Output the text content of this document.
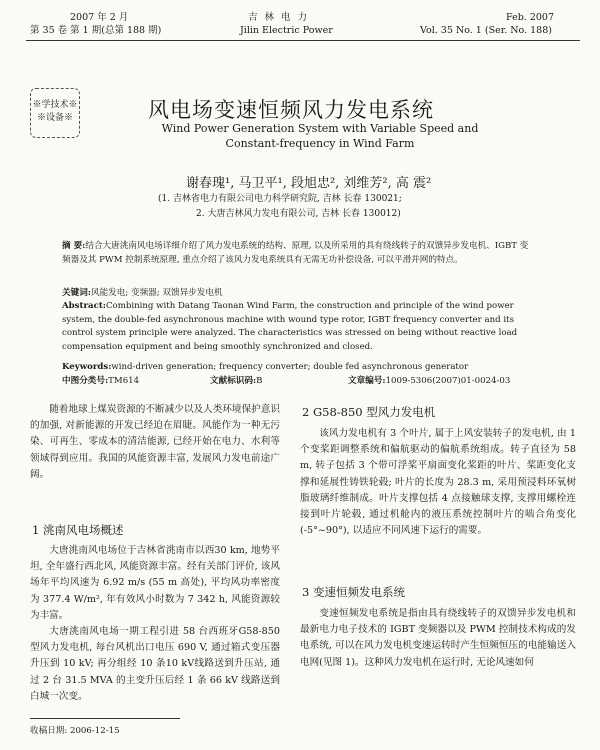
2007 年 2 月
第 35 卷 第 1 期(总第 188 期)
吉 林 电 力
Jilin Electric Power
Feb. 2007
Vol. 35 No. 1 (Ser. No. 188)
※学技术※
※设备※	风电场变速恒频风力发电系统
Wind Power Generation System with Variable Speed and
Constant-frequency in Wind Farm
谢春瑰¹, 马卫平¹, 段旭忠², 刘维芳², 高 震²
(1. 吉林省电力有限公司电力科学研究院, 吉林 长春 130021;
2. 大唐吉林风力发电有限公司, 吉林 长春 130012)
摘 要:结合大唐洮南风电场详细介绍了风力发电系统的结构、原理, 以及所采用的具有绕线转子的双馈异步发电机、IGBT 变频器及其 PWM 控制系统原理, 重点介绍了该风力发电系统具有无需无功补偿设备, 可以平滑并网的特点。
关键词:风能发电; 变频器; 双馈异步发电机
Abstract:Combining with Datang Taonan Wind Farm, the construction and principle of the wind power system, the double-fed asynchronous machine with wound type rotor, IGBT frequency converter and its control system principle were analyzed. The characteristics was stressed on being without reactive load compensation equipment and being smoothly synchronized and closed.
Keywords:wind-driven generation; frequency converter; double fed asynchronous generator
中图分类号:TM614	文献标识码:B	文章编号:1009-5306(2007)01-0024-03

随着地球上煤炭资源的不断减少以及人类环境保护意识的加强, 对新能源的开发已经迫在眉睫。风能作为一种无污染、可再生、零成本的清洁能源, 已经开始在电力、水利等领域得到应用。我国的风能资源丰富, 发展风力发电前途广阔。

1 洮南风电场概述

大唐洮南风电场位于吉林省洮南市以西30 km, 地势平坦, 全年盛行西北风, 风能资源丰富。经有关部门评价, 该风场年平均风速为 6.92 m/s (55 m 高处), 平均风功率密度为 377.4 W/m², 年有效风小时数为 7 342 h, 风能资源较为丰富。

大唐洮南风电场一期工程引进 58 台西班牙G58-850 型风力发电机, 每台风机出口电压 690 V, 通过箱式变压器升压到 10 kV; 再分组经 10 条10 kV线路送到升压站, 通过 2 台 31.5 MVA 的主变升压后经 1 条 66 kV 线路送到白城一次变。

2 G58-850 型风力发电机

该风力发电机有 3 个叶片, 属于上风安装转子的发电机, 由 1 个变桨距调整系统和偏航驱动的偏航系统组成。转子直径为 58 m, 转子包括 3 个带可浮桨平扇面变化桨距的叶片、桨距变化支撑和延展性铸铁轮毂; 叶片的长度为 28.3 m, 采用预浸料环氧树脂玻璃纤维制成。叶片支撑包括 4 点接触球支撑, 支撑用螺栓连接到叶片轮毂, 通过机舱内的液压系统控制叶片的啮合角变化(-5°~90°), 以适应不同风速下运行的需要。

3 变速恒频发电系统

变速恒频发电系统是指由具有绕线转子的双馈异步发电机和最新电力电子技术的 IGBT 变频器以及 PWM 控制技术构成的发电系统, 可以在风力发电机变速运转时产生恒频恒压的电能输送入电网(见图 1)。这种风力发电机在运行时, 无论风速如何

收稿日期: 2006-12-15
